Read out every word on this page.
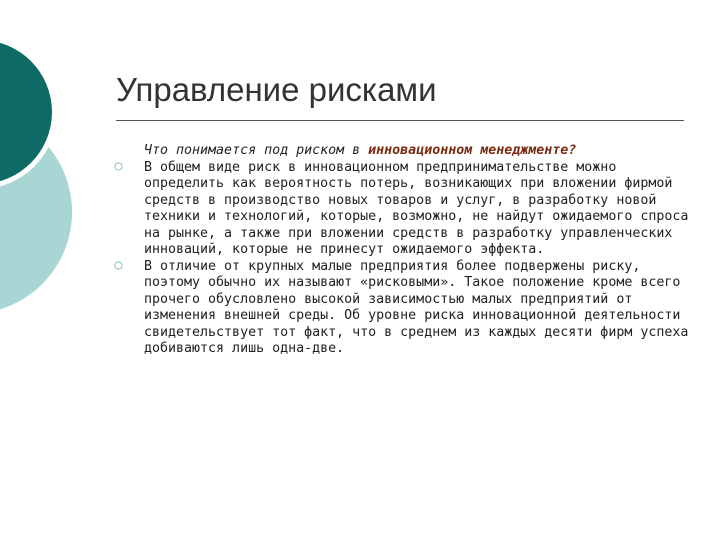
Управление рисками

Что понимается под риском в инновационном менеджменте?

В общем виде риск в инновационном предпринимательстве можно определить как вероятность потерь, возникающих при вложении фирмой средств в производство новых товаров и услуг, в разработку новой техники и технологий, которые, возможно, не найдут ожидаемого спроса на рынке, а также при вложении средств в разработку управленческих инноваций, которые не принесут ожидаемого эффекта.

В отличие от крупных малые предприятия более подвержены риску, поэтому обычно их называют «рисковыми». Такое положение кроме всего прочего обусловлено высокой зависимостью малых предприятий от изменения внешней среды. Об уровне риска инновационной деятельности свидетельствует тот факт, что в среднем из каждых десяти фирм успеха добиваются лишь одна-две.
